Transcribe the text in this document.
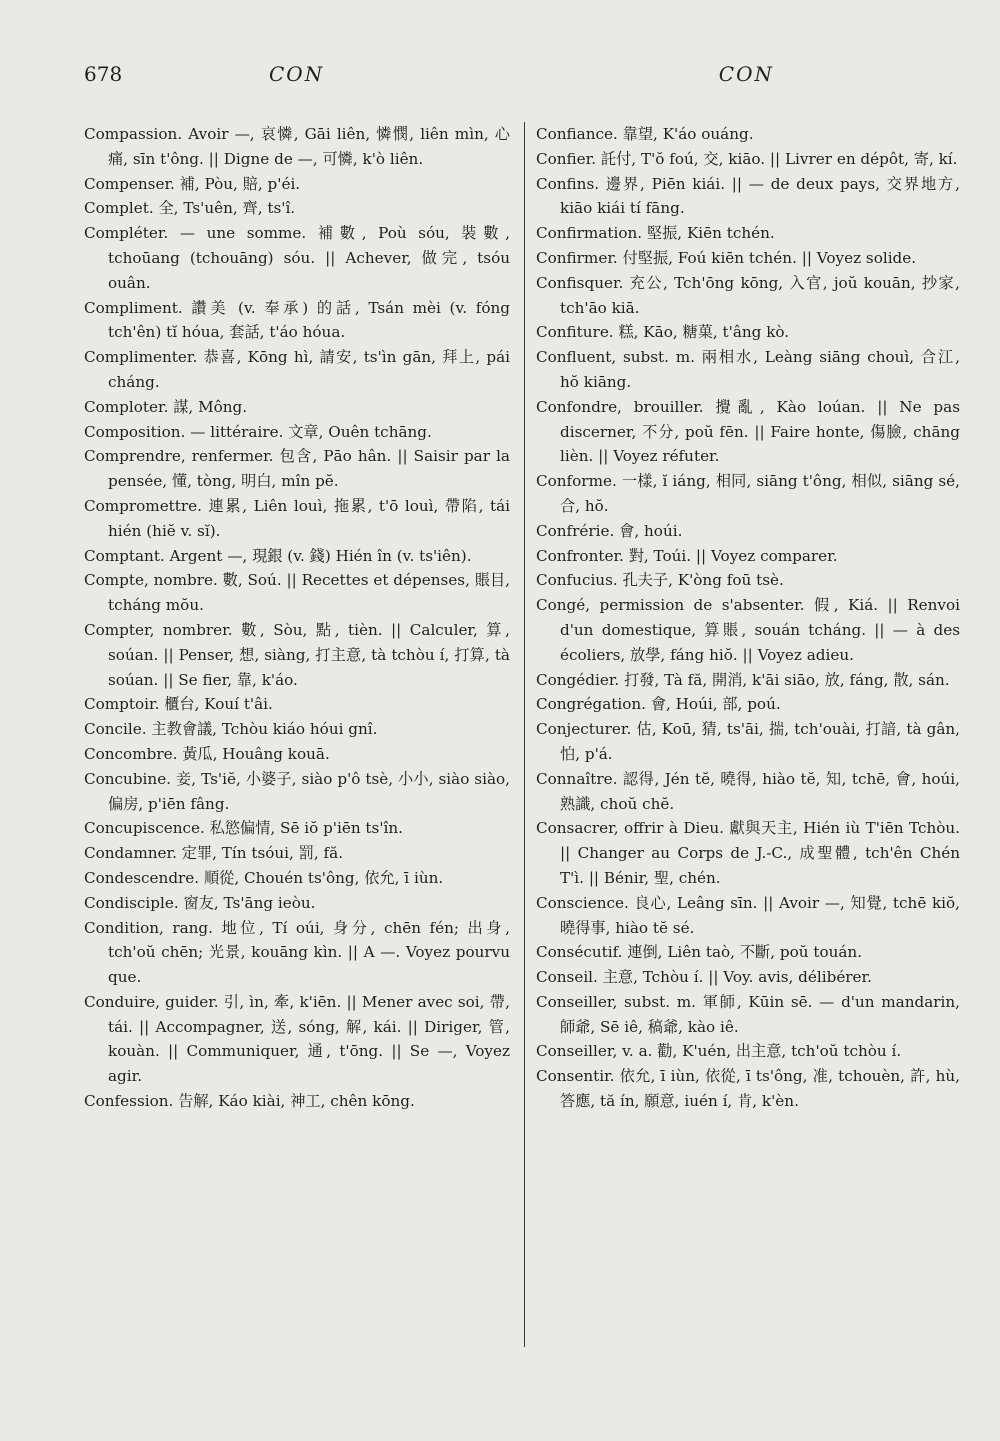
678	CON	CON

Compassion. Avoir —, 哀憐, Gāi liên, 憐憫, liên mìn, 心痛, sīn t'ông. || Digne de —, 可憐, k'ò liên.

Compenser. 補, Pòu, 賠, p'éi.

Complet. 全, Ts'uên, 齊, ts'î.

Compléter. — une somme. 補數, Poù sóu, 裝數, tchoūang (tchouāng) sóu. || Achever, 做完, tsóu ouân.

Compliment. 讚美 (v. 奉承) 的話, Tsán mèi (v. fóng tch'ên) tĭ hóua, 套話, t'áo hóua.

Complimenter. 恭喜, Kōng hì, 請安, ts'ìn gān, 拜上, pái cháng.

Comploter. 謀, Mông.

Composition. — littéraire. 文章, Ouên tchāng.

Comprendre, renfermer. 包含, Pāo hân. || Saisir par la pensée, 懂, tòng, 明白, mîn pĕ.

Compromettre. 連累, Liên louì, 拖累, t'ō louì, 帶陷, tái hién (hiĕ v. sĭ).

Comptant. Argent —, 現銀 (v. 錢) Hién în (v. ts'iên).

Compte, nombre. 數, Soú. || Recettes et dépenses, 賬目, tcháng mŏu.

Compter, nombrer. 數, Sòu, 點, tièn. || Calculer, 算, soúan. || Penser, 想, siàng, 打主意, tà tchòu í, 打算, tà soúan. || Se fier, 靠, k'áo.

Comptoir. 櫃台, Kouí t'âi.

Concile. 主教會議, Tchòu kiáo hóui gnî.

Concombre. 黃瓜, Houâng kouā.

Concubine. 妾, Ts'iĕ, 小婆子, siào p'ô tsè, 小小, siào siào, 偏房, p'iēn fâng.

Concupiscence. 私慾偏情, Sē iŏ p'iēn ts'în.

Condamner. 定罪, Tín tsóui, 罰, fă.

Condescendre. 順從, Chouén ts'ông, 依允, ī iùn.

Condisciple. 窗友, Ts'āng ieòu.

Condition, rang. 地位, Tí oúi, 身分, chēn fén; 出身, tch'oŭ chēn; 光景, kouāng kìn. || A —. Voyez pourvu que.

Conduire, guider. 引, ìn, 牽, k'iēn. || Mener avec soi, 帶, tái. || Accompagner, 送, sóng, 解, kái. || Diriger, 管, kouàn. || Communiquer, 通, t'ōng. || Se —, Voyez agir.

Confession. 告解, Káo kiài, 神工, chên kōng.

Confiance. 靠望, K'áo ouáng.

Confier. 託付, T'ŏ foú, 交, kiāo. || Livrer en dépôt, 寄, kí.

Confins. 邊界, Piēn kiái. || — de deux pays, 交界地方, kiāo kiái tí fāng.

Confirmation. 堅振, Kiēn tchén.

Confirmer. 付堅振, Foú kiēn tchén. || Voyez solide.

Confisquer. 充公, Tch'ōng kōng, 入官, joŭ kouān, 抄家, tch'āo kiā.

Confiture. 糕, Kāo, 糖菓, t'âng kò.

Confluent, subst. m. 兩相水, Leàng siāng chouì, 合江, hŏ kiāng.

Confondre, brouiller. 攪亂, Kào loúan. || Ne pas discerner, 不分, poŭ fēn. || Faire honte, 傷臉, chāng lièn. || Voyez réfuter.

Conforme. 一樣, ĭ iáng, 相同, siāng t'ông, 相似, siāng sé, 合, hŏ.

Confrérie. 會, hoúi.

Confronter. 對, Toúi. || Voyez comparer.

Confucius. 孔夫子, K'òng foū tsè.

Congé, permission de s'absenter. 假, Kiá. || Renvoi d'un domestique, 算賬, souán tcháng. || — à des écoliers, 放學, fáng hiŏ. || Voyez adieu.

Congédier. 打發, Tà fă, 開消, k'āi siāo, 放, fáng, 散, sán.

Congrégation. 會, Hoúi, 部, poú.

Conjecturer. 估, Koū, 猜, ts'āi, 揣, tch'ouài, 打諳, tà gân, 怕, p'á.

Connaître. 認得, Jén tĕ, 曉得, hiào tĕ, 知, tchē, 會, hoúi, 熟識, choŭ chĕ.

Consacrer, offrir à Dieu. 獻與天主, Hién iù T'iēn Tchòu. || Changer au Corps de J.-C., 成聖體, tch'ên Chén T'ì. || Bénir, 聖, chén.

Conscience. 良心, Leâng sīn. || Avoir —, 知覺, tchē kiŏ, 曉得事, hiào tĕ sé.

Consécutif. 連倒, Liên taò, 不斷, poŭ touán.

Conseil. 主意, Tchòu í. || Voy. avis, délibérer.

Conseiller, subst. m. 軍師, Kūin sē. — d'un mandarin, 師爺, Sē iê, 稿爺, kào iê.

Conseiller, v. a. 勸, K'uén, 出主意, tch'oŭ tchòu í.

Consentir. 依允, ī iùn, 依從, ī ts'ông, 准, tchouèn, 許, hù, 答應, tă ín, 願意, iuén í, 肯, k'èn.
